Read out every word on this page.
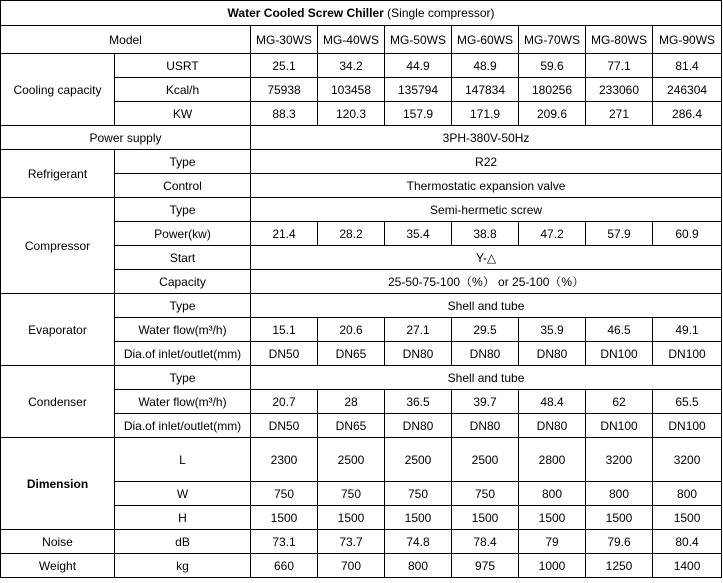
Water Cooled Screw Chiller (Single compressor)								
Model		MG-30WS	MG-40WS	MG-50WS	MG-60WS	MG-70WS	MG-80WS	MG-90WS
Cooling capacity	USRT	25.1	34.2	44.9	48.9	59.6	77.1	81.4
	Kcal/h	75938	103458	135794	147834	180256	233060	246304
	KW	88.3	120.3	157.9	171.9	209.6	271	286.4
Power supply		3PH-380V-50Hz						
Refrigerant	Type	R22						
	Control	Thermostatic expansion valve						
Compressor	Type	Semi-hermetic screw						
	Power(kw)	21.4	28.2	35.4	38.8	47.2	57.9	60.9
	Start	Y-△						
	Capacity	25-50-75-100（%） or 25-100（%）						
Evaporator	Type	Shell and tube						
	Water flow(m³/h)	15.1	20.6	27.1	29.5	35.9	46.5	49.1
	Dia.of inlet/outlet(mm)	DN50	DN65	DN80	DN80	DN80	DN100	DN100
Condenser	Type	Shell and tube						
	Water flow(m³/h)	20.7	28	36.5	39.7	48.4	62	65.5
	Dia.of inlet/outlet(mm)	DN50	DN65	DN80	DN80	DN80	DN100	DN100
Dimension	L	2300	2500	2500	2500	2800	3200	3200
	W	750	750	750	750	800	800	800
	H	1500	1500	1500	1500	1500	1500	1500
Noise	dB	73.1	73.7	74.8	78.4	79	79.6	80.4
Weight	kg	660	700	800	975	1000	1250	1400
